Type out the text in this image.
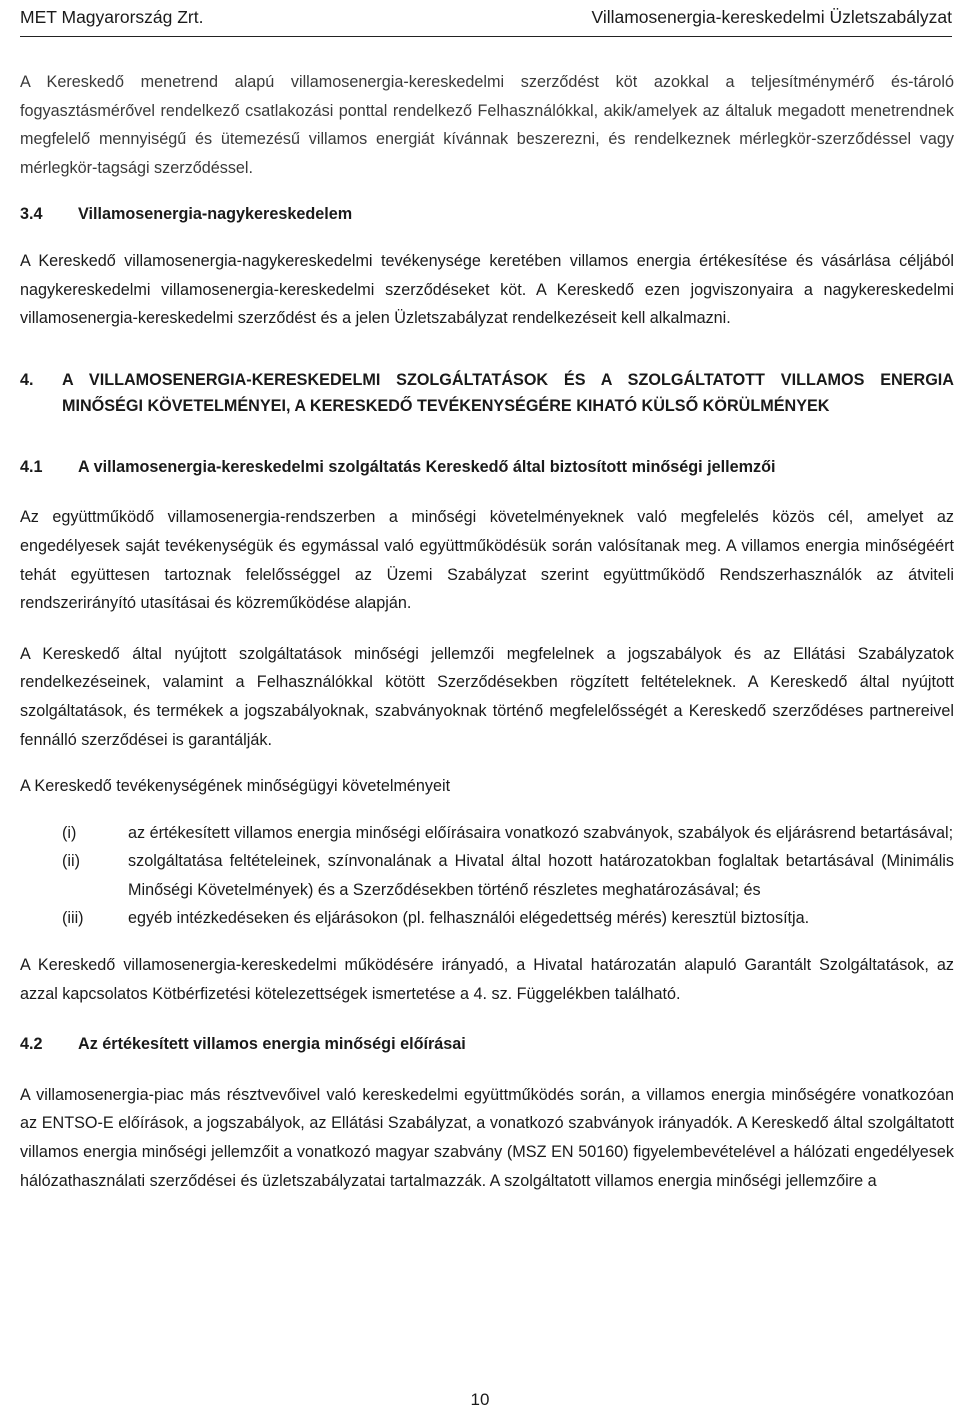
MET Magyarország Zrt.	Villamosenergia-kereskedelmi Üzletszabályzat

A Kereskedő menetrend alapú villamosenergia-kereskedelmi szerződést köt azokkal a teljesítménymérő és-tároló fogyasztásmérővel rendelkező csatlakozási ponttal rendelkező Felhasználókkal, akik/amelyek az általuk megadott menetrendnek megfelelő mennyiségű és ütemezésű villamos energiát kívánnak beszerezni, és rendelkeznek mérlegkör-szerződéssel vagy mérlegkör-tagsági szerződéssel.

3.4	Villamosenergia-nagykereskedelem

A Kereskedő villamosenergia-nagykereskedelmi tevékenysége keretében villamos energia értékesítése és vásárlása céljából nagykereskedelmi villamosenergia-kereskedelmi szerződéseket köt. A Kereskedő ezen jogviszonyaira a nagykereskedelmi villamosenergia-kereskedelmi szerződést és a jelen Üzletszabályzat rendelkezéseit kell alkalmazni.

4.	A VILLAMOSENERGIA-KERESKEDELMI SZOLGÁLTATÁSOK ÉS A SZOLGÁLTATOTT VILLAMOS ENERGIA MINŐSÉGI KÖVETELMÉNYEI, A KERESKEDŐ TEVÉKENYSÉGÉRE KIHATÓ KÜLSŐ KÖRÜLMÉNYEK
4.1	A villamosenergia-kereskedelmi szolgáltatás Kereskedő által biztosított minőségi jellemzői

Az együttműködő villamosenergia-rendszerben a minőségi követelményeknek való megfelelés közös cél, amelyet az engedélyesek saját tevékenységük és egymással való együttműködésük során valósítanak meg. A villamos energia minőségéért tehát együttesen tartoznak felelősséggel az Üzemi Szabályzat szerint együttműködő Rendszerhasználók az átviteli rendszerirányító utasításai és közreműködése alapján.

A Kereskedő által nyújtott szolgáltatások minőségi jellemzői megfelelnek a jogszabályok és az Ellátási Szabályzatok rendelkezéseinek, valamint a Felhasználókkal kötött Szerződésekben rögzített feltételeknek. A Kereskedő által nyújtott szolgáltatások, és termékek a jogszabályoknak, szabványoknak történő megfelelősségét a Kereskedő szerződéses partnereivel fennálló szerződései is garantálják.

A Kereskedő tevékenységének minőségügyi követelményeit

(i)	az értékesített villamos energia minőségi előírásaira vonatkozó szabványok, szabályok és eljárásrend betartásával;
(ii)	szolgáltatása feltételeinek, színvonalának a Hivatal által hozott határozatokban foglaltak betartásával (Minimális Minőségi Követelmények) és a Szerződésekben történő részletes meghatározásával; és
(iii)	egyéb intézkedéseken és eljárásokon (pl. felhasználói elégedettség mérés) keresztül biztosítja.

A Kereskedő villamosenergia-kereskedelmi működésére irányadó, a Hivatal határozatán alapuló Garantált Szolgáltatások, az azzal kapcsolatos Kötbérfizetési kötelezettségek ismertetése a 4. sz. Függelékben található.

4.2	Az értékesített villamos energia minőségi előírásai

A villamosenergia-piac más résztvevőivel való kereskedelmi együttműködés során, a villamos energia minőségére vonatkozóan az ENTSO-E előírások, a jogszabályok, az Ellátási Szabályzat, a vonatkozó szabványok irányadók. A Kereskedő által szolgáltatott villamos energia minőségi jellemzőit a vonatkozó magyar szabvány (MSZ EN 50160) figyelembevételével a hálózati engedélyesek hálózathasználati szerződései és üzletszabályzatai tartalmazzák. A szolgáltatott villamos energia minőségi jellemzőire a

10
